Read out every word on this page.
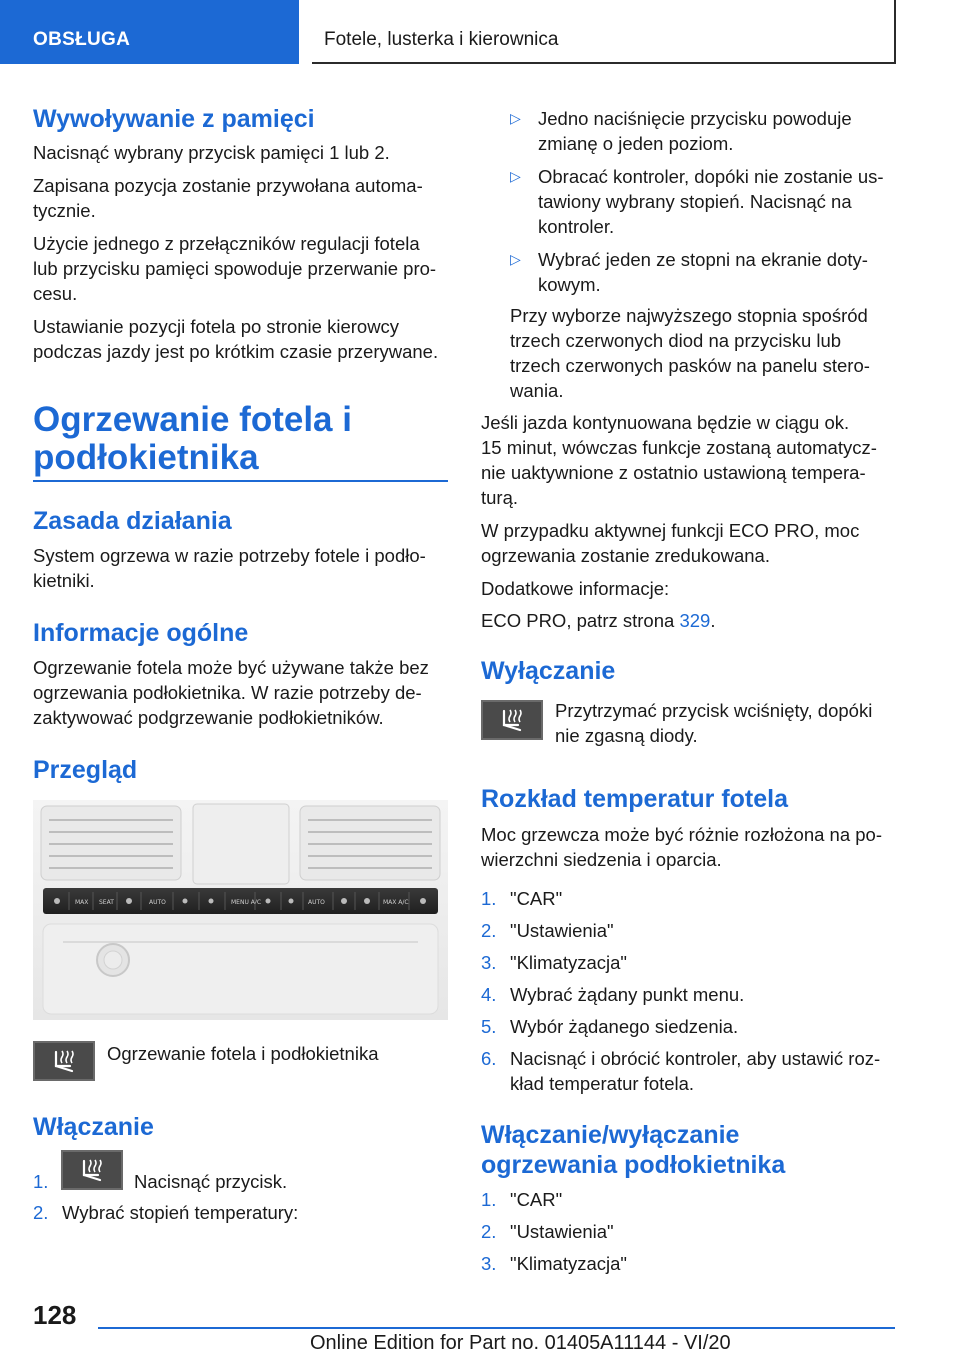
OBSŁUGA	Fotele, lusterka i kierownica
Wywoływanie z pamięci
Nacisnąć wybrany przycisk pamięci 1 lub 2.
Zapisana pozycja zostanie przywołana automa-
tycznie.
Użycie jednego z przełączników regulacji fotela
lub przycisku pamięci spowoduje przerwanie pro-
cesu.
Ustawianie pozycji fotela po stronie kierowcy
podczas jazdy jest po krótkim czasie przerywane.
Ogrzewanie fotela i
podłokietnika
Zasada działania
System ogrzewa w razie potrzeby fotele i podło-
kietniki.
Informacje ogólne
Ogrzewanie fotela może być używane także bez
ogrzewania podłokietnika. W razie potrzeby de-
zaktywować podgrzewanie podłokietników.
Przegląd
MAX SEAT	AUTO	MENU A/C	AUTO	MAX A/C
Ogrzewanie fotela i podłokietnika
Włączanie
1.	Nacisnąć przycisk.
2. Wybrać stopień temperatury:
▷ Jedno naciśnięcie przycisku powoduje
zmianę o jeden poziom.
▷ Obracać kontroler, dopóki nie zostanie us-
tawiony wybrany stopień. Nacisnąć na
kontroler.
▷ Wybrać jeden ze stopni na ekranie doty-
kowym.
Przy wyborze najwyższego stopnia spośród
trzech czerwonych diod na przycisku lub
trzech czerwonych pasków na panelu stero-
wania.
Jeśli jazda kontynuowana będzie w ciągu ok.
15 minut, wówczas funkcje zostaną automatycz-
nie uaktywnione z ostatnio ustawioną tempera-
turą.
W przypadku aktywnej funkcji ECO PRO, moc
ogrzewania zostanie zredukowana.
Dodatkowe informacje:
ECO PRO, patrz strona 329.
Wyłączanie
Przytrzymać przycisk wciśnięty, dopóki
nie zgasną diody.
Rozkład temperatur fotela
Moc grzewcza może być różnie rozłożona na po-
wierzchni siedzenia i oparcia.
1. "CAR"
2. "Ustawienia"
3. "Klimatyzacja"
4. Wybrać żądany punkt menu.
5. Wybór żądanego siedzenia.
6. Nacisnąć i obrócić kontroler, aby ustawić roz-
kład temperatur fotela.
Włączanie/wyłączanie
ogrzewania podłokietnika
1. "CAR"
2. "Ustawienia"
3. "Klimatyzacja"
128
Online Edition for Part no. 01405A11144 - VI/20
